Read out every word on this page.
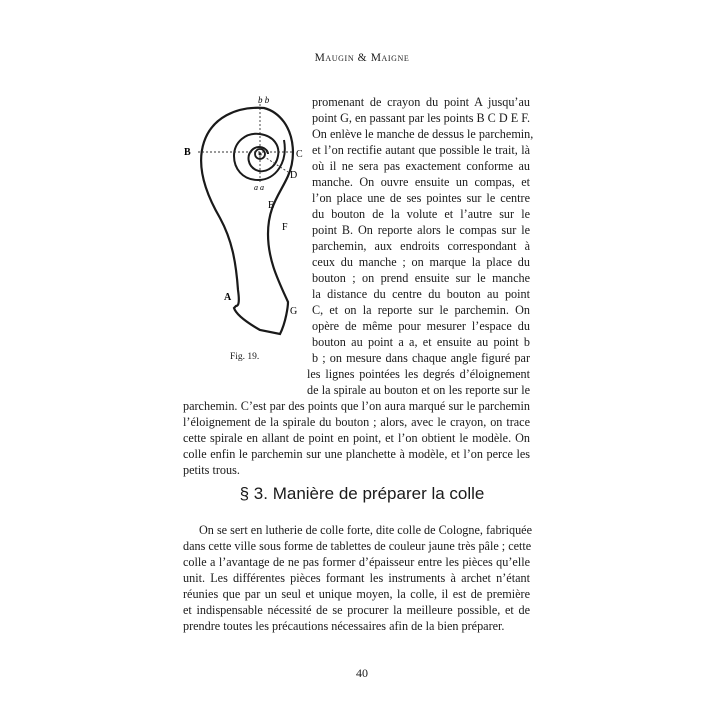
Maugin & Maigne
b b
B	C
D
a a
E
F
A
G
Fig. 19.
promenant de crayon du point A jusqu’au
point G, en passant par les points B C D E F.
On enlève le manche de dessus le parchemin,
et l’on rectifie autant que possible le trait, là
où il ne sera pas exactement conforme au
manche. On ouvre ensuite un compas, et
l’on place une de ses pointes sur le centre
du bouton de la volute et l’autre sur le
point B. On reporte alors le compas sur le
parchemin, aux endroits correspondant à
ceux du manche ; on marque la place du
bouton ; on prend ensuite sur le manche
la distance du centre du bouton au point
C, et on la reporte sur le parchemin. On
opère de même pour mesurer l’espace du
bouton au point a a, et ensuite au point b
b ; on mesure dans chaque angle figuré par
les lignes pointées les degrés d’éloignement
de la spirale au bouton et on les reporte sur le
parchemin. C’est par des points que l’on aura marqué sur le parchemin
l’éloignement de la spirale du bouton ; alors, avec le crayon, on trace
cette spirale en allant de point en point, et l’on obtient le modèle. On
colle enfin le parchemin sur une planchette à modèle, et l’on perce les
petits trous.
§ 3. Manière de préparer la colle
On se sert en lutherie de colle forte, dite colle de Cologne, fabriquée
dans cette ville sous forme de tablettes de couleur jaune très pâle ; cette
colle a l’avantage de ne pas former d’épaisseur entre les pièces qu’elle
unit. Les différentes pièces formant les instruments à archet n’étant
réunies que par un seul et unique moyen, la colle, il est de première
et indispensable nécessité de se procurer la meilleure possible, et de
prendre toutes les précautions nécessaires afin de la bien préparer.
40
